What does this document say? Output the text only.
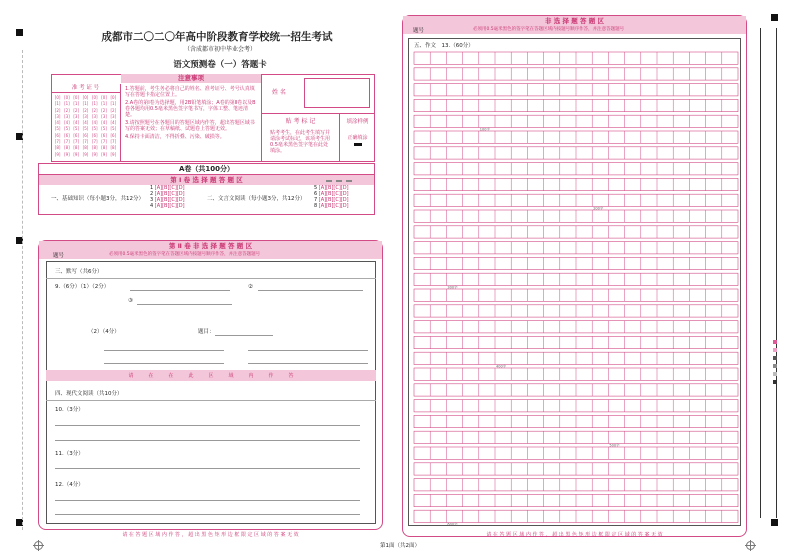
成都市二〇二〇年高中阶段教育学校统一招生考试
（含成都市初中毕业会考）
语文预测卷（一）答题卡
准 考 证 号
[0] [0] [0] [0] [0] [0] [0]
[1] [1] [1] [1] [1] [1] [1]
[2] [2] [2] [2] [2] [2] [2]
[3] [3] [3] [3] [3] [3] [3]
[4] [4] [4] [4] [4] [4] [4]
[5] [5] [5] [5] [5] [5] [5]
[6] [6] [6] [6] [6] [6] [6]
[7] [7] [7] [7] [7] [7] [7]
[8] [8] [8] [8] [8] [8] [8]
[9] [9] [9] [9] [9] [9] [9]
注意事项
1.答题前，考生务必将自己的姓名、准考证号、考号认真填写在答题卡指定位置上。
2.A卷的第Ⅰ卷为选择题，用2B铅笔填涂；A卷的第Ⅱ卷以及B卷各题均用0.5毫米黑色签字笔书写，字体工整、笔迹清楚。
3.请按照题号在各题目的答题区域内作答，超出答题区域书写的答案无效；在草稿纸、试题卷上答题无效。
4.保持卡面清洁，不得折叠、污染、破损等。
姓 名
贴 考 标 记
贴考考生，在此考生填写并请涂考试标记，该项考生用0.5毫米黑色签字笔在此处填涂。
填涂样例
正确填涂
A卷（共100分）
第 Ⅰ 卷 选 择 题 答 题 区
一、基础知识（每小题3分，共12分）	二、文言文阅读（每小题3分，共12分）
1 [A][B][C][D]
2 [A][B][C][D]
3 [A][B][C][D]
4 [A][B][C][D]
5 [A][B][C][D]
6 [A][B][C][D]
7 [A][B][C][D]
8 [A][B][C][D]
第 Ⅱ 卷 非 选 择 题 答 题 区
题号	必须用0.5毫米黑色的签字笔在答题区域内按题号顺序作答，并注意答题题号
三、默写（共6分）
9.（6分）（1）（2分）	②
③
（2）（4分）	题目：
请　　　在　　　在　　　此　　　区　　　域　　　内　　　作　　　答
四、现代文阅读（共10分）
10.（3分）
11.（3分）
12.（4分）
请 在 答 题 区 域 内 作 答 ， 超 出 黑 色 矩 形 边 框 限 定 区 域 的 答 案 无 效
非 选 择 题 答 题 区
题号	必须用0.5毫米黑色的签字笔在答题区域内按题号顺序作答，并注意答题题号
五、作文　13.（60分）
100字
200字
300字
400字
500字
600字
请 在 答 题 区 域 内 作 答 ， 超 出 黑 色 矩 形 边 框 限 定 区 域 的 答 案 无 效
第1面（共2面）
